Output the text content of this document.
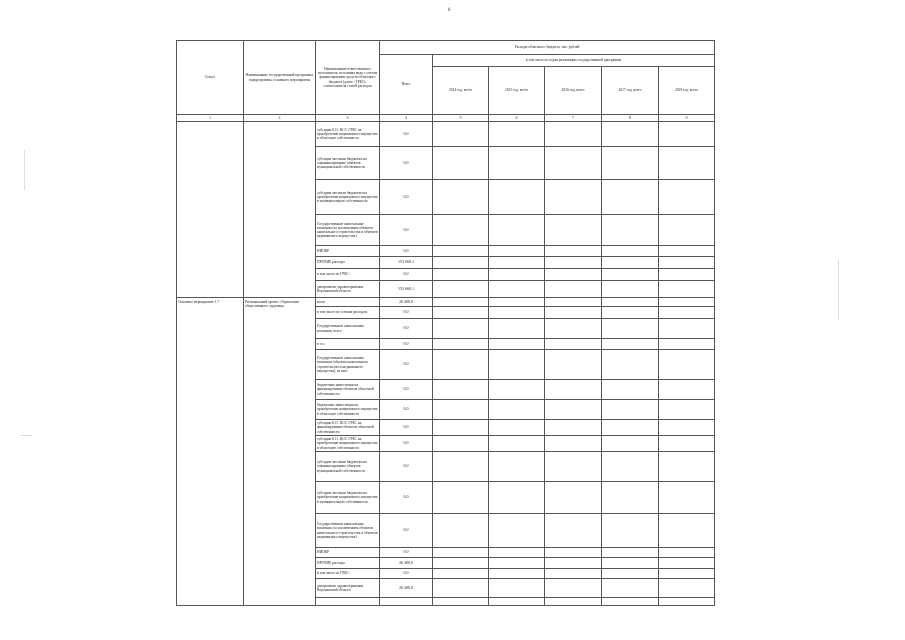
6
Статус	Наименование государственной программы, подпрограммы, основного мероприятия	Наименование ответственного исполнителя, источника вида с учетом финансирования средств областного бюджета (далее - ГРБС), соисполнителя статей расходов	Расходы областного бюджета, тыс. рублей					
			Всего	в том числе по годам реализации государственной программы				
				2014 год, всего	2015 год, всего	2016 год, всего	2017 год, всего	2018 год, всего
1	2	3	4	5	6	7	8	9
		субсидии Б.О. Ю.Л. ГРБС на приобретение недвижимого имущества в областную собственность	0,0					
		субсидии местным бюджетам на софинансирование объектов муниципальной собственности	0,0					
		субсидии местным бюджетам на приобретение недвижимого имущества в муниципальную собственность	0,0					
		Государственные капитальные вложения (за исключением объектов капитального строительства и объектов недвижимого имущества)	0,0					
		НИОКР	0,0					
		ПРОЧИЕ расходы	153 660,1					
		в том числе по ГРБС:	0,0					
		департамент здравоохранения Воронежской области	153 660,1					
Основное мероприятие 1.7	Региональный проект «Укрепление общественного здоровья»	всего	26 400,0					
		в том числе по статьям расходов:	0,0					
		Государственные капитальные вложения, всего	0,0					
		в т.ч.:	0,0					
		Государственные капитальные вложения (объекты капитального строительства и недвижимого имущества), из них:	0,0					
		бюджетные инвестиции на финансирование объектов областной собственности	0,0					
		бюджетные инвестиции на приобретение недвижимого имущества в областную собственность	0,0					
		субсидии Б.О. Ю.Л. ГРБС на финансирование объектов областной собственности	0,0					
		субсидии Б.О. Ю.Л. ГРБС на приобретение недвижимого имущества в областную собственность	0,0					
		субсидии местным бюджетам на софинансирование объектов муниципальной собственности	0,0					
		субсидии местным бюджетам на приобретение недвижимого имущества в муниципальную собственность	0,0					
		Государственные капитальные вложения (за исключением объектов капитального строительства и объектов недвижимого имущества)	0,0					
		НИОКР	0,0					
		ПРОЧИЕ расходы	26 400,0					
		в том числе по ГРБС:	0,0					
		департамент здравоохранения Воронежской области	26 400,0					
